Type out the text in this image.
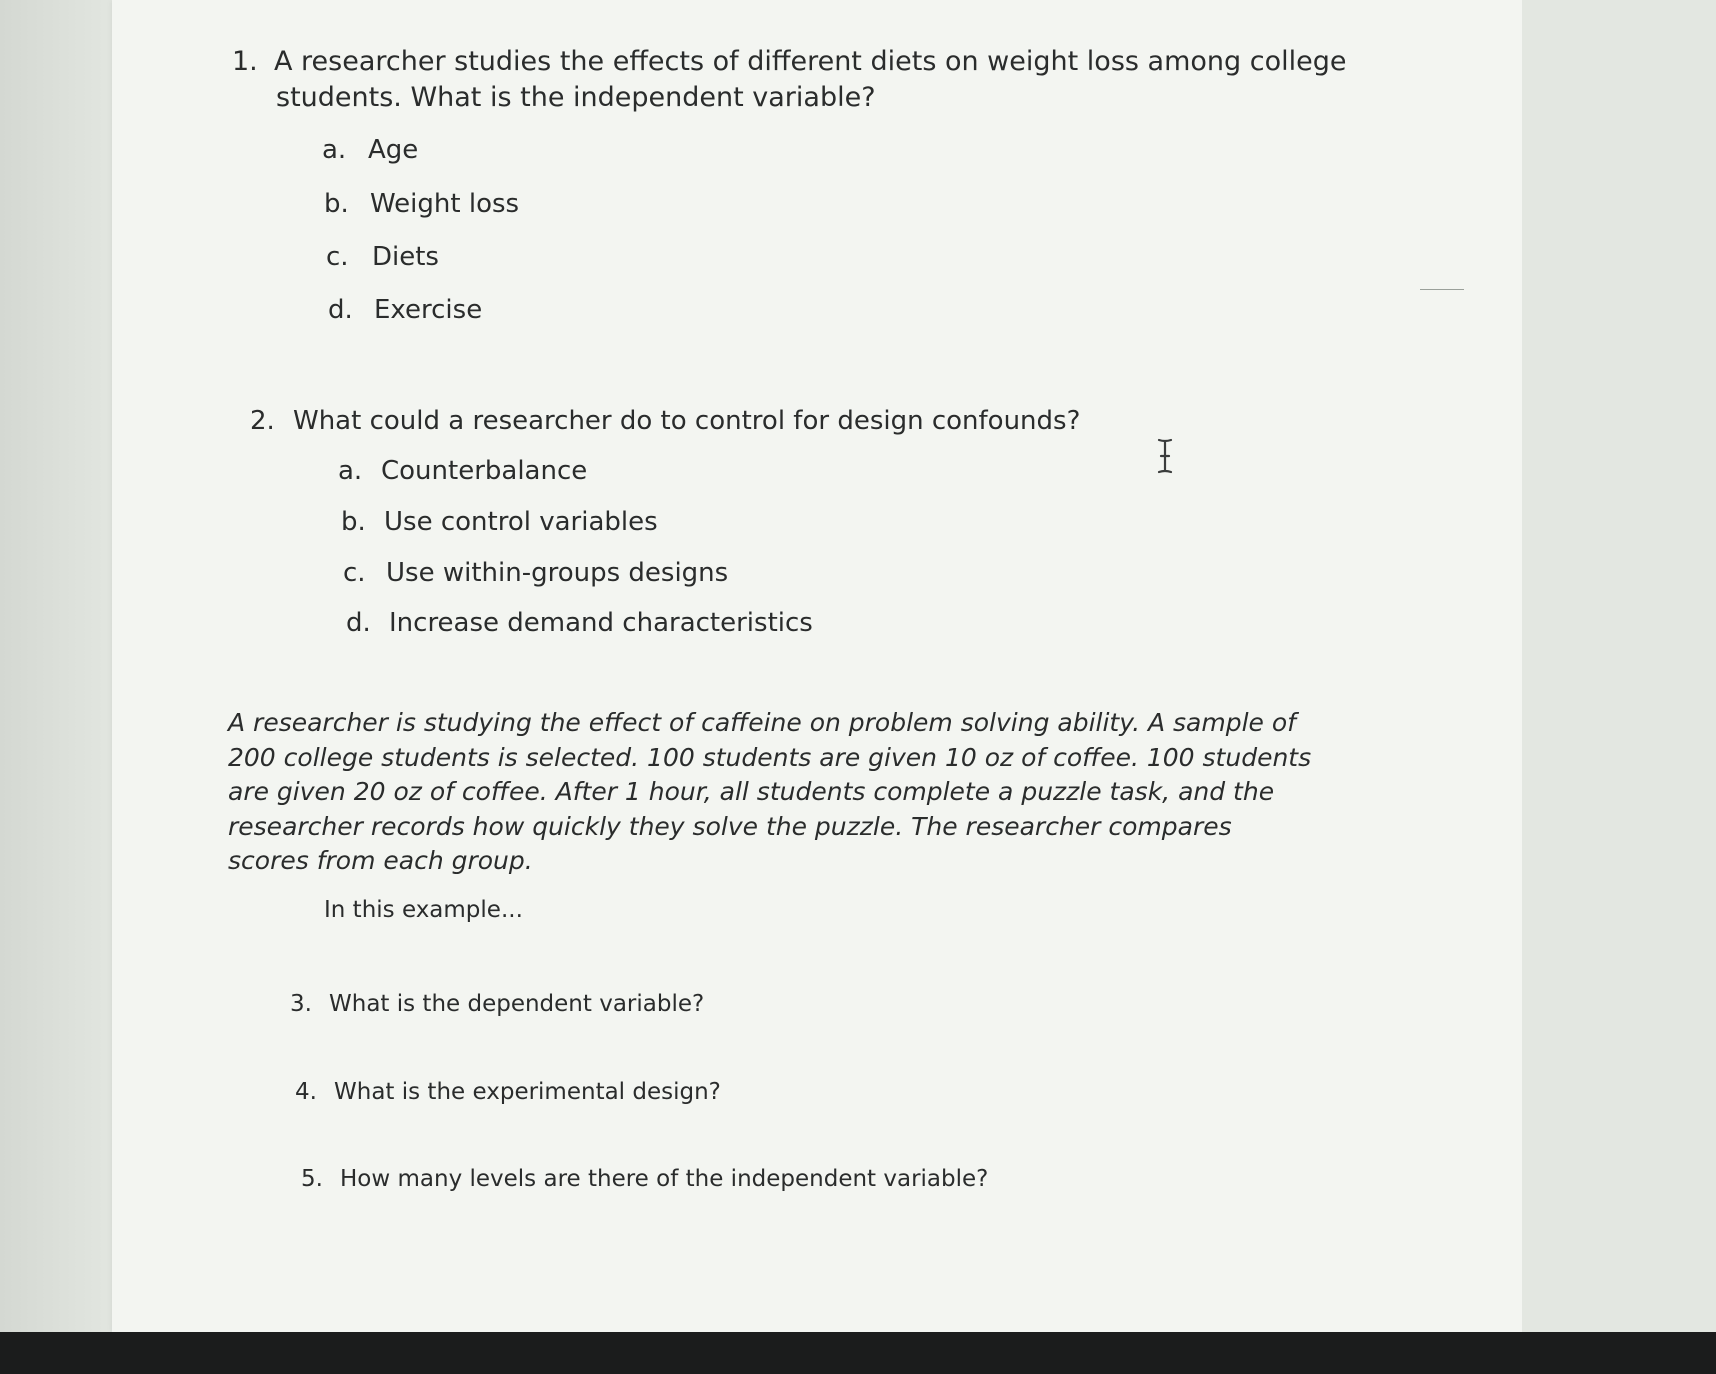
1. A researcher studies the effects of different diets on weight loss among college
students. What is the independent variable?
a. Age
b. Weight loss
c. Diets
d. Exercise
2. What could a researcher do to control for design confounds?
a. Counterbalance
b. Use control variables
c. Use within-groups designs
d. Increase demand characteristics
A researcher is studying the effect of caffeine on problem solving ability. A sample of
200 college students is selected. 100 students are given 10 oz of coffee. 100 students
are given 20 oz of coffee. After 1 hour, all students complete a puzzle task, and the
researcher records how quickly they solve the puzzle. The researcher compares
scores from each group.
In this example...
3. What is the dependent variable?
4. What is the experimental design?
5. How many levels are there of the independent variable?
